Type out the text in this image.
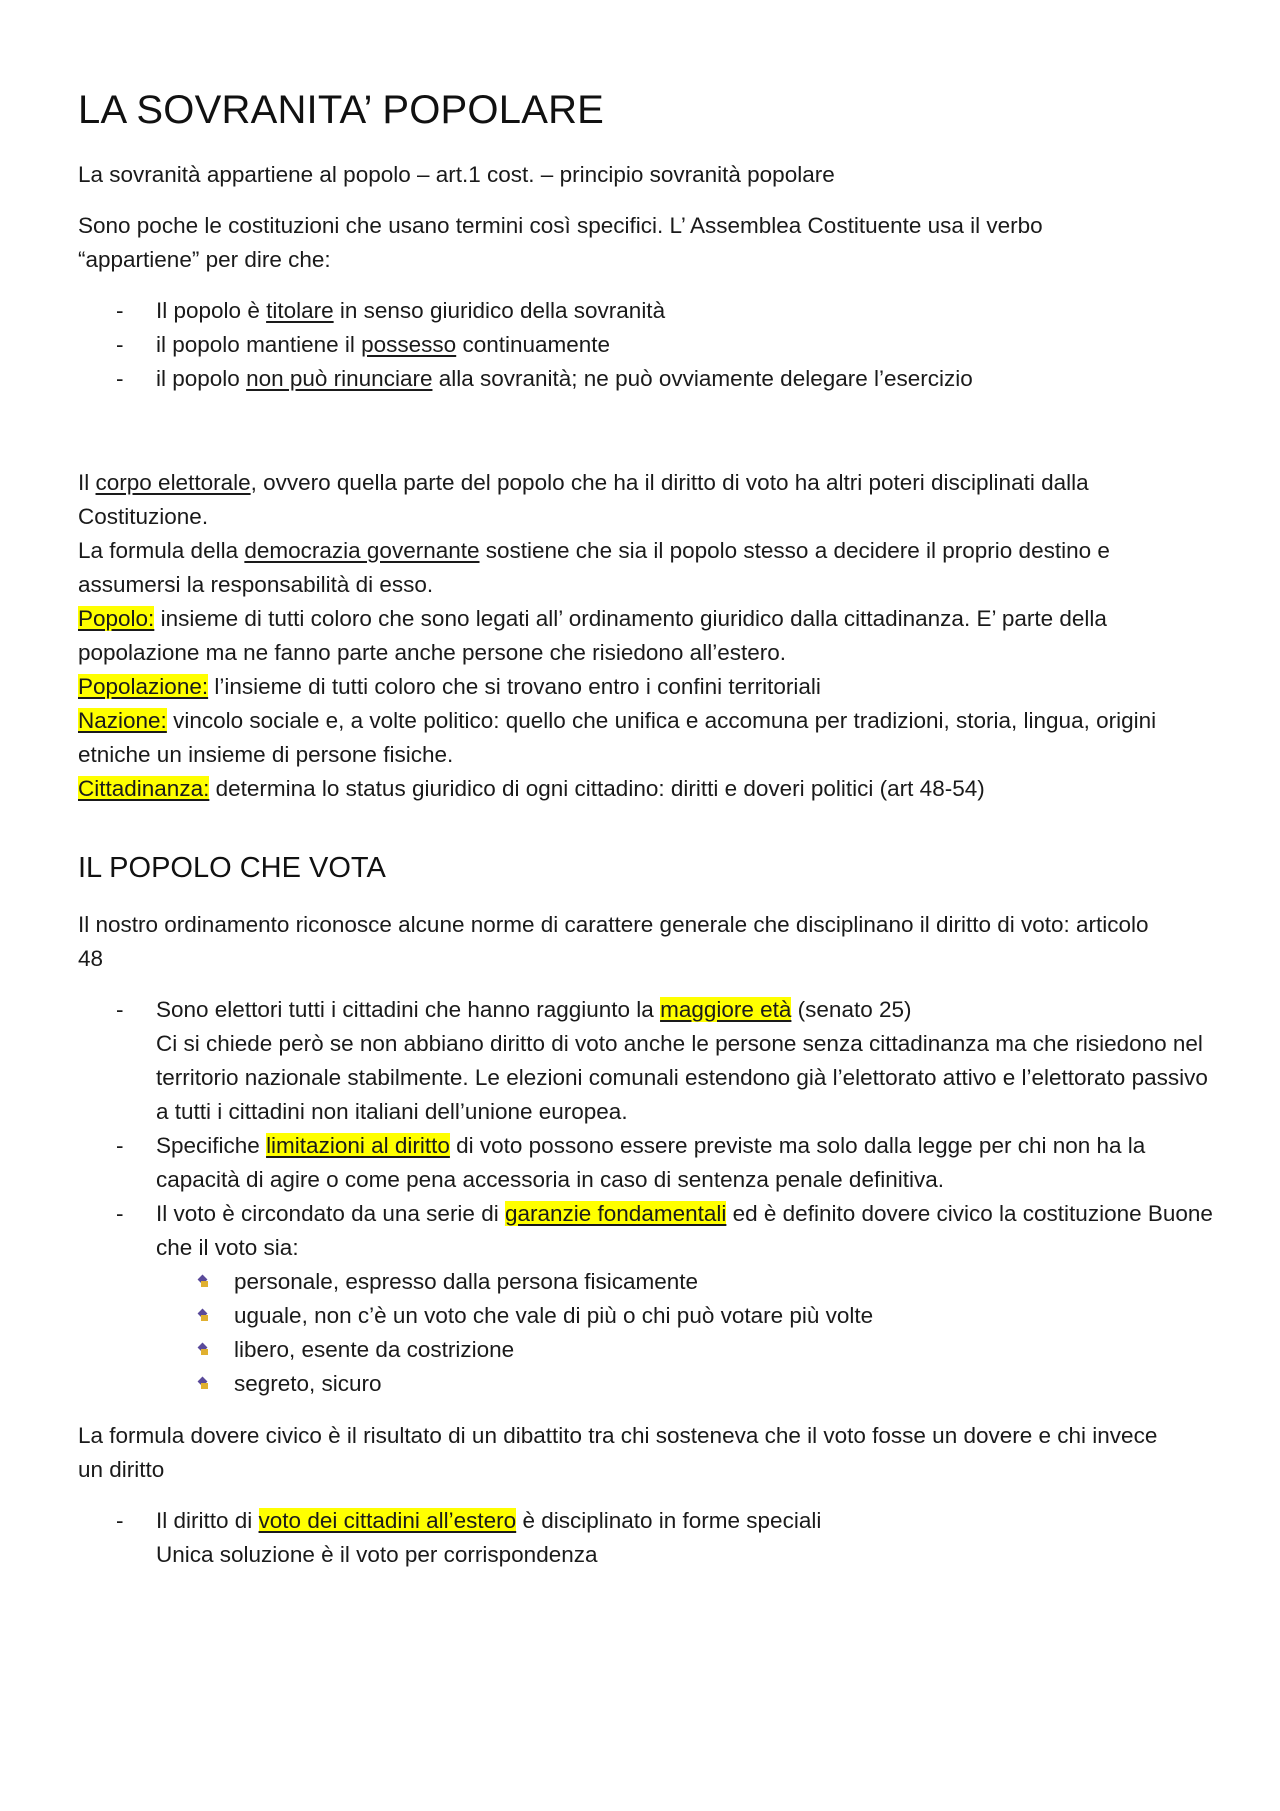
LA SOVRANITA’ POPOLARE

La sovranità appartiene al popolo – art.1 cost. – principio sovranità popolare

Sono poche le costituzioni che usano termini così specifici. L’ Assemblea Costituente usa il verbo “appartiene” per dire che:

- Il popolo è titolare in senso giuridico della sovranità
- il popolo mantiene il possesso continuamente
- il popolo non può rinunciare alla sovranità; ne può ovviamente delegare l’esercizio
Il corpo elettorale, ovvero quella parte del popolo che ha il diritto di voto ha altri poteri disciplinati dalla Costituzione.
La formula della democrazia governante sostiene che sia il popolo stesso a decidere il proprio destino e assumersi la responsabilità di esso.
Popolo: insieme di tutti coloro che sono legati all’ ordinamento giuridico dalla cittadinanza. E’ parte della popolazione ma ne fanno parte anche persone che risiedono all’estero.
Popolazione: l’insieme di tutti coloro che si trovano entro i confini territoriali
Nazione: vincolo sociale e, a volte politico: quello che unifica e accomuna per tradizioni, storia, lingua, origini etniche un insieme di persone fisiche.
Cittadinanza: determina lo status giuridico di ogni cittadino: diritti e doveri politici (art 48-54)
IL POPOLO CHE VOTA

Il nostro ordinamento riconosce alcune norme di carattere generale che disciplinano il diritto di voto: articolo 48

- Sono elettori tutti i cittadini che hanno raggiunto la maggiore età (senato 25)
Ci si chiede però se non abbiano diritto di voto anche le persone senza cittadinanza ma che risiedono nel territorio nazionale stabilmente. Le elezioni comunali estendono già l’elettorato attivo e l’elettorato passivo a tutti i cittadini non italiani dell’unione europea.
- Specifiche limitazioni al diritto di voto possono essere previste ma solo dalla legge per chi non ha la capacità di agire o come pena accessoria in caso di sentenza penale definitiva.
- Il voto è circondato da una serie di garanzie fondamentali ed è definito dovere civico la costituzione Buone che il voto sia:
personale, espresso dalla persona fisicamente
uguale, non c’è un voto che vale di più o chi può votare più volte
libero, esente da costrizione
segreto, sicuro

La formula dovere civico è il risultato di un dibattito tra chi sosteneva che il voto fosse un dovere e chi invece un diritto

- Il diritto di voto dei cittadini all’estero è disciplinato in forme speciali
Unica soluzione è il voto per corrispondenza
